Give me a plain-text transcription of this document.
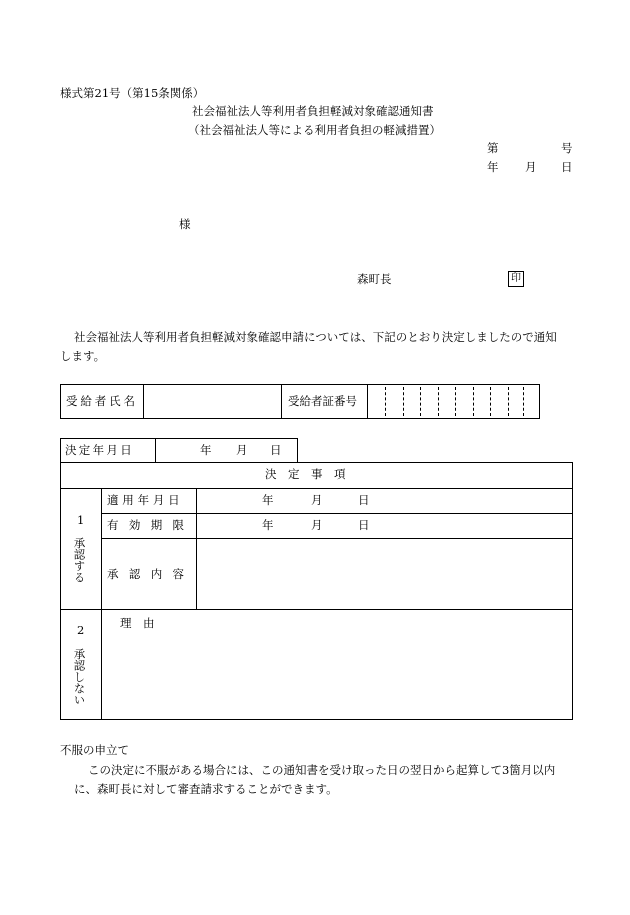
様式第21号（第15条関係）
社会福祉法人等利用者負担軽減対象確認通知書
（社会福祉法人等による利用者負担の軽減措置）
第	号
年 月 日
様
森町長	印
社会福祉法人等利用者負担軽減対象確認申請については、下記のとおり決定しましたので通知
します。
受給者氏名	受給者証番号
決定年月日	年 月 日
決　定　事　項
1
承認する
適用年月日	年	月	日
有効期限	年	月	日
承認内容
2
承認しない
理　由
不服の申立て
この決定に不服がある場合には、この通知書を受け取った日の翌日から起算して3箇月以内
に、森町長に対して審査請求することができます。
